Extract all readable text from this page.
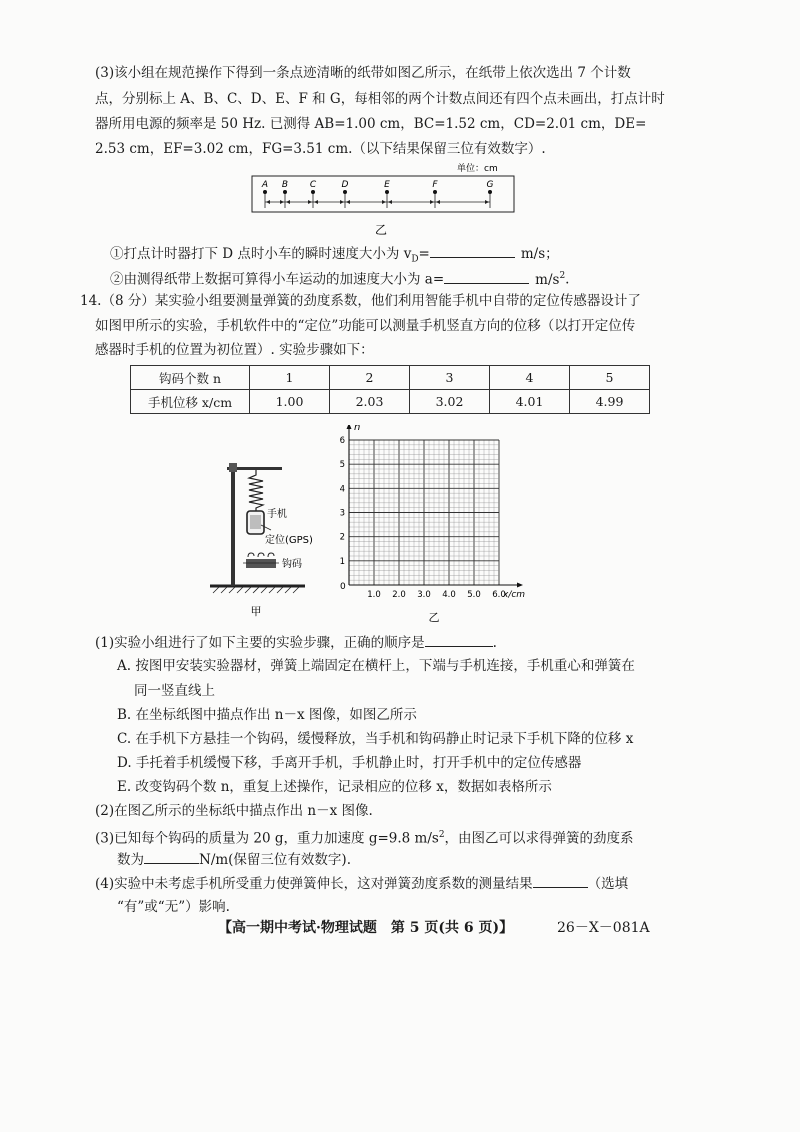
(3)该小组在规范操作下得到一条点迹清晰的纸带如图乙所示，在纸带上依次选出 7 个计数
点，分别标上 A、B、C、D、E、F 和 G，每相邻的两个计数点间还有四个点未画出，打点计时
器所用电源的频率是 50 Hz. 已测得 AB=1.00 cm，BC=1.52 cm，CD=2.01 cm，DE=
2.53 cm，EF=3.02 cm，FG=3.51 cm.（以下结果保留三位有效数字）.
单位：cm
A B C	D	E	F	G
乙
①打点计时器打下 D 点时小车的瞬时速度大小为 $v_D=$	m/s；
②由测得纸带上数据可算得小车运动的加速度大小为 a=	$m/s^2$.
14.（8 分）某实验小组要测量弹簧的劲度系数，他们利用智能手机中自带的定位传感器设计了
如图甲所示的实验，手机软件中的“定位”功能可以测量手机竖直方向的位移（以打开定位传
感器时手机的位置为初位置）. 实验步骤如下：
钩码个数 n	1	2	3	4	5
手机位移 x/cm	1.00	2.03	3.02	4.01	4.99
手机
定位(GPS)
钩码
甲
1.0 2.0 3.0 4.0 5.0 6.0
1
2
3
4
5
6
n
x/cm
0
乙
(1)实验小组进行了如下主要的实验步骤，正确的顺序是	.
A. 按图甲安装实验器材，弹簧上端固定在横杆上，下端与手机连接，手机重心和弹簧在
同一竖直线上
B. 在坐标纸图中描点作出 n－x 图像，如图乙所示
C. 在手机下方悬挂一个钩码，缓慢释放，当手机和钩码静止时记录下手机下降的位移 x
D. 手托着手机缓慢下移，手离开手机，手机静止时，打开手机中的定位传感器
E. 改变钩码个数 n，重复上述操作，记录相应的位移 x，数据如表格所示
(2)在图乙所示的坐标纸中描点作出 n－x 图像.
(3)已知每个钩码的质量为 20 g，重力加速度 g=9.8 $m/s^2$，由图乙可以求得弹簧的劲度系
数为	N/m(保留三位有效数字).
(4)实验中未考虑手机所受重力使弹簧伸长，这对弹簧劲度系数的测量结果	（选填
“有”或“无”）影响.
【高一期中考试·物理试题　第 5 页(共 6 页)】	26－X－081A
